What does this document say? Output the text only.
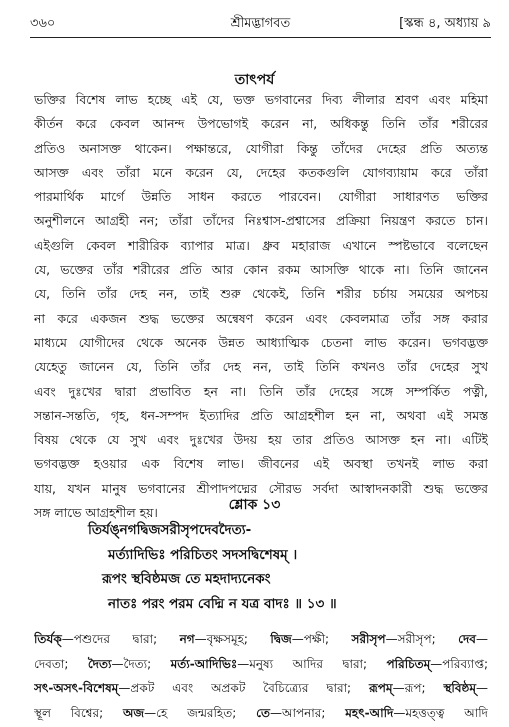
৩৬০	শ্রীমদ্ভাগবত	[স্কন্ধ ৪, অধ্যায় ৯
তাৎপর্য
ভক্তির বিশেষ লাভ হচ্ছে এই যে, ভক্ত ভগবানের দিব্য লীলার শ্রবণ এবং মহিমা
কীর্তন করে কেবল আনন্দ উপভোগই করেন না, অধিকন্তু তিনি তাঁর শরীরের
প্রতিও অনাসক্ত থাকেন। পক্ষান্তরে, যোগীরা কিন্তু তাঁদের দেহের প্রতি অত্যন্ত
আসক্ত এবং তাঁরা মনে করেন যে, দেহের কতকগুলি যোগব্যায়াম করে তাঁরা
পারমার্থিক মার্গে উন্নতি সাধন করতে পারবেন। যোগীরা সাধারণত ভক্তির
অনুশীলনে আগ্রহী নন; তাঁরা তাঁদের নিঃশ্বাস-প্রশ্বাসের প্রক্রিয়া নিয়ন্ত্রণ করতে চান।
এইগুলি কেবল শারীরিক ব্যাপার মাত্র। ধ্রুব মহারাজ এখানে স্পষ্টভাবে বলেছেন
যে, ভক্তের তাঁর শরীরের প্রতি আর কোন রকম আসক্তি থাকে না। তিনি জানেন
যে, তিনি তাঁর দেহ নন, তাই শুরু থেকেই, তিনি শরীর চর্চায় সময়ের অপচয়
না করে একজন শুদ্ধ ভক্তের অন্বেষণ করেন এবং কেবলমাত্র তাঁর সঙ্গ করার
মাধ্যমে যোগীদের থেকে অনেক উন্নত আধ্যাত্মিক চেতনা লাভ করেন। ভগবদ্ভক্ত
যেহেতু জানেন যে, তিনি তাঁর দেহ নন, তাই তিনি কখনও তাঁর দেহের সুখ
এবং দুঃখের দ্বারা প্রভাবিত হন না। তিনি তাঁর দেহের সঙ্গে সম্পর্কিত পত্নী,
সন্তান-সন্ততি, গৃহ, ধন-সম্পদ ইত্যাদির প্রতি আগ্রহশীল হন না, অথবা এই সমস্ত
বিষয় থেকে যে সুখ এবং দুঃখের উদয় হয় তার প্রতিও আসক্ত হন না। এটিই
ভগবদ্ভক্ত হওয়ার এক বিশেষ লাভ। জীবনের এই অবস্থা তখনই লাভ করা
যায়, যখন মানুষ ভগবানের শ্রীপাদপদ্মের সৌরভ সর্বদা আস্বাদনকারী শুদ্ধ ভক্তের
সঙ্গ লাভে আগ্রহশীল হয়।	শ্লোক ১৩
তির্যঙ্নগদ্বিজসরীসৃপদেবদৈত্য-
মর্ত্যাদিভিঃ পরিচিতং সদসদ্বিশেষম্ ।
রূপং স্থবিষ্ঠমজ তে মহদাদ্যনেকং
নাতঃ পরং পরম বেদ্মি ন যত্র বাদঃ ॥ ১৩ ॥
তির্যক্—পশুদের দ্বারা; নগ—বৃক্ষসমূহ; দ্বিজ—পক্ষী; সরীসৃপ—সরীসৃপ; দেব—
দেবতা; দৈত্য—দৈত্য; মর্ত্য-আদিভিঃ—মনুষ্য আদির দ্বারা; পরিচিতম্—পরিব্যাপ্ত;
সৎ-অসৎ-বিশেষম্—প্রকট এবং অপ্রকট বৈচিত্র্যের দ্বারা; রূপম্—রূপ; স্থবিষ্ঠম্—
স্থূল বিশ্বের; অজ—হে জন্মরহিত; তে—আপনার; মহৎ-আদি—মহত্তত্ত্ব আদি
